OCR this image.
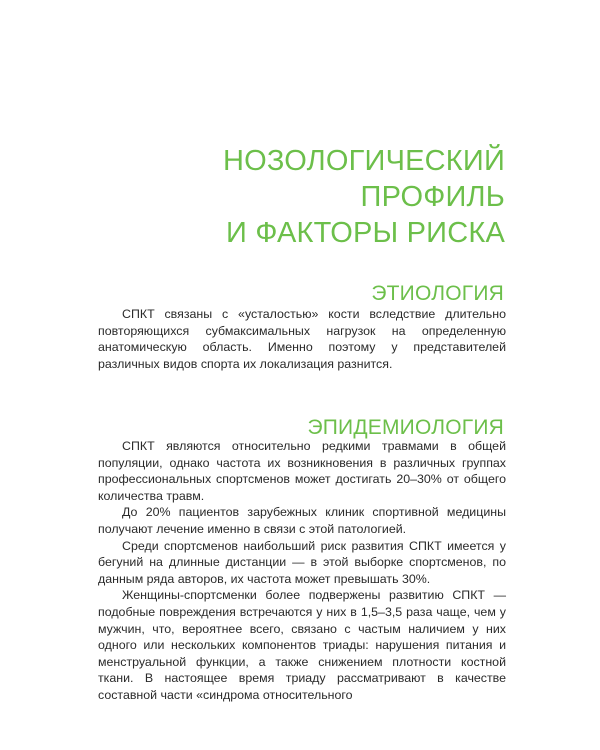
НОЗОЛОГИЧЕСКИЙ ПРОФИЛЬ
И ФАКТОРЫ РИСКА
ЭТИОЛОГИЯ

СПКТ связаны с «усталостью» кости вследствие длительно повторяющихся субмаксимальных нагрузок на определенную анатомическую область. Именно поэтому у представителей различных видов спорта их локализация разнится.

ЭПИДЕМИОЛОГИЯ

СПКТ являются относительно редкими травмами в общей популяции, однако частота их возникновения в различных группах профессиональных спортсменов может достигать 20–30% от общего количества травм.

До 20% пациентов зарубежных клиник спортивной медицины получают лечение именно в связи с этой патологией.

Среди спортсменов наибольший риск развития СПКТ имеется у бегуний на длинные дистанции — в этой выборке спортсменов, по данным ряда авторов, их частота может превышать 30%.

Женщины-спортсменки более подвержены развитию СПКТ — подобные повреждения встречаются у них в 1,5–3,5 раза чаще, чем у мужчин, что, вероятнее всего, связано с частым наличием у них одного или нескольких компонентов триады: нарушения питания и менструальной функции, а также снижением плотности костной ткани. В настоящее время триаду рассматривают в качестве составной части «синдрома относительного
